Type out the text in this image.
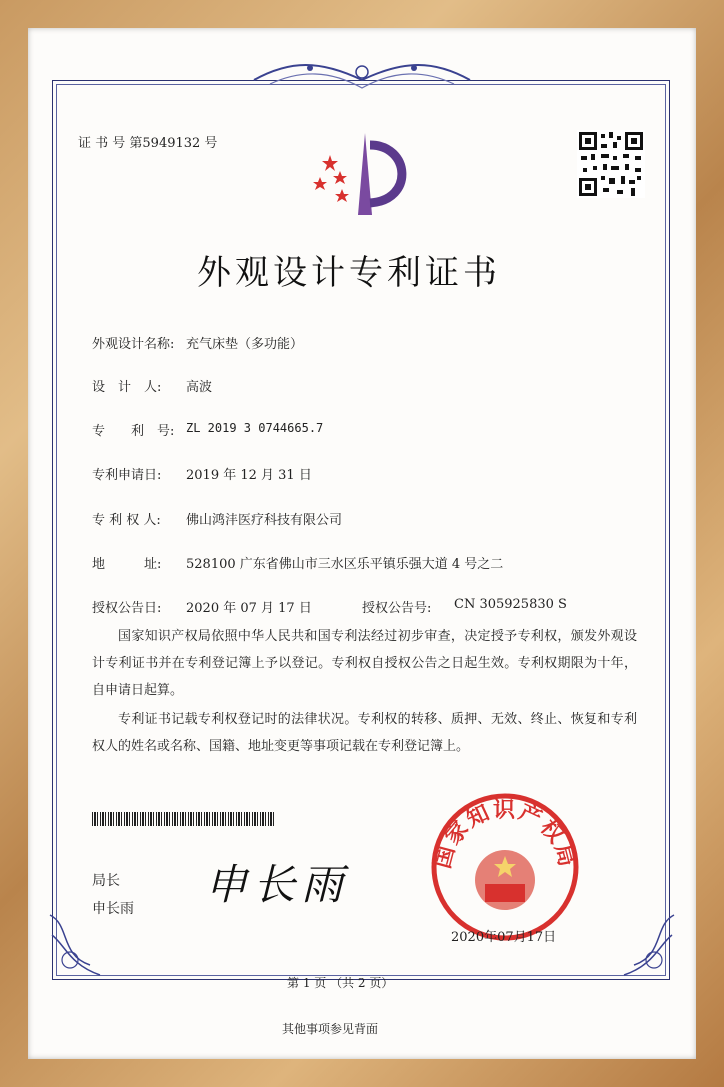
证 书 号 第5949132 号
外观设计专利证书
外观设计名称: 充气床垫（多功能）
设　计　人: 高波
专　　利　号: ZL 2019 3 0744665.7
专利申请日: 2019 年 12 月 31 日
专 利 权 人: 佛山鸿沣医疗科技有限公司
地　　　址: 528100 广东省佛山市三水区乐平镇乐强大道 4 号之二
授权公告日: 2020 年 07 月 17 日	授权公告号: CN 305925830 S
国家知识产权局依照中华人民共和国专利法经过初步审查，决定授予专利权，颁发外观设计专利证书并在专利登记簿上予以登记。专利权自授权公告之日起生效。专利权期限为十年，自申请日起算。
专利证书记载专利权登记时的法律状况。专利权的转移、质押、无效、终止、恢复和专利权人的姓名或名称、国籍、地址变更等事项记载在专利登记簿上。
局长
申长雨 申长雨
国家知识产权局
2020年07月17日
第 1 页 （共 2 页）
其他事项参见背面
